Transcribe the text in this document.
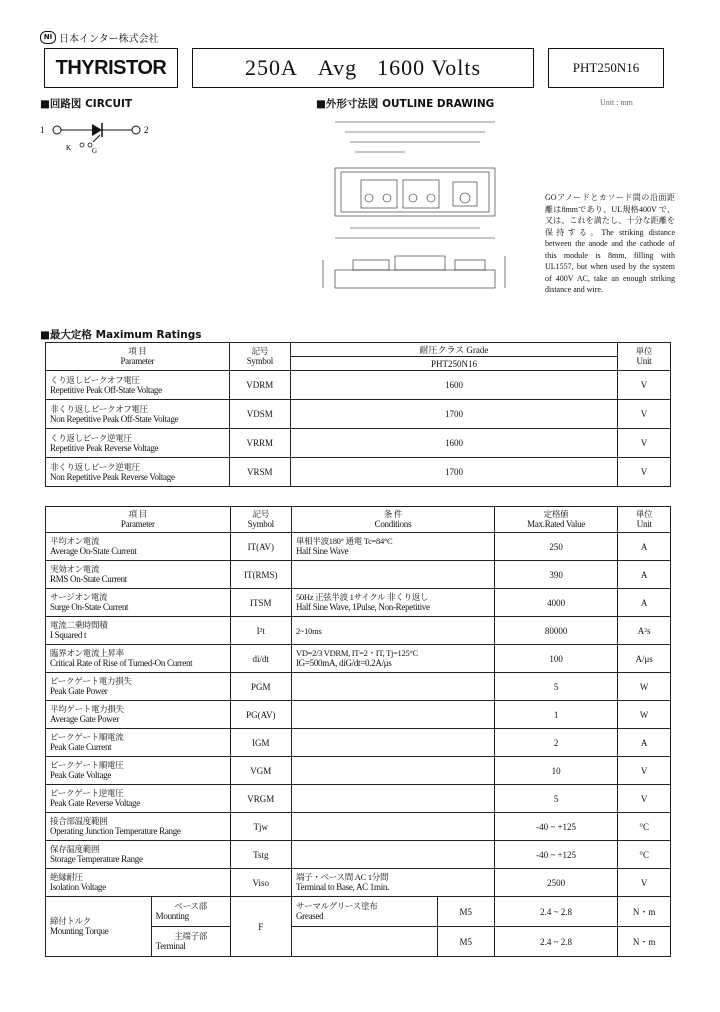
NI 日本インター株式会社
THYRISTOR	250A Avg 1600 Volts	PHT250N16
■回路図 CIRCUIT
1	2
K	G
■外形寸法図 OUTLINE DRAWING	Unit : mm
GOアノードとカソード間の沿面距離は8mmであり、UL規格400V で、又は、これを満たし、十分な距離を保持する。The striking distance between the anode and the cathode of this module is 8mm, filling with UL1557, but when used by the system of 400V AC, take an enough striking distance and wire.
■最大定格 Maximum Ratings
項 目
Parameter	記号
Symbol	耐圧クラス Grade	単位
Unit

		PHT250N16	

くり返しピークオフ電圧
Repetitive Peak Off-State Voltage	VDRM	1600	V

非くり返しピークオフ電圧
Non Repetitive Peak Off-State Voltage	VDSM	1700	V

くり返しピーク逆電圧
Repetitive Peak Reverse Voltage	VRRM	1600	V

非くり返しピーク逆電圧
Non Repetitive Peak Reverse Voltage	VRSM	1700	V
項 目
Parameter		記号
Symbol	条 件
Conditions		定格値
Max.Rated Value	単位
Unit

平均オン電流
Average On-State Current		IT(AV)	単相半波180° 通電 Tc=84°C
Half Sine Wave		250	A

実効オン電流
RMS On-State Current		IT(RMS)			390	A

サージオン電流
Surge On-State Current		ITSM	50Hz 正弦半波 1サイクル 非くり返し
Half Sine Wave, 1Pulse, Non-Repetitive		4000	A

電流二乗時間積
I Squared t		I²t	2~10ms		80000	A²s

臨界オン電流上昇率
Critical Rate of Rise of Turned-On Current		di/dt	VD=2/3 VDRM, IT=2・IT, Tj=125°C
IG=500mA, diG/dt=0.2A/μs		100	A/μs

ピークゲート電力損失
Peak Gate Power		PGM			5	W

平均ゲート電力損失
Average Gate Power		PG(AV)			1	W

ピークゲート順電流
Peak Gate Current		IGM			2	A

ピークゲート順電圧
Peak Gate Voltage		VGM			10	V

ピークゲート逆電圧
Peak Gate Reverse Voltage		VRGM			5	V

接合部温度範囲
Operating Junction Temperature Range		Tjw			-40 ~ +125	°C

保存温度範囲
Storage Temperature Range		Tstg			-40 ~ +125	°C

絶縁耐圧
Isolation Voltage		Viso	端子・ベース間 AC 1分間
Terminal to Base, AC 1min.		2500	V

締付トルク
Mounting Torque	ベース部
Mounting	F	サーマルグリース塗布
Greased	M5	2.4 ~ 2.8	N・m

	主端子部
Terminal			M5	2.4 ~ 2.8	N・m
